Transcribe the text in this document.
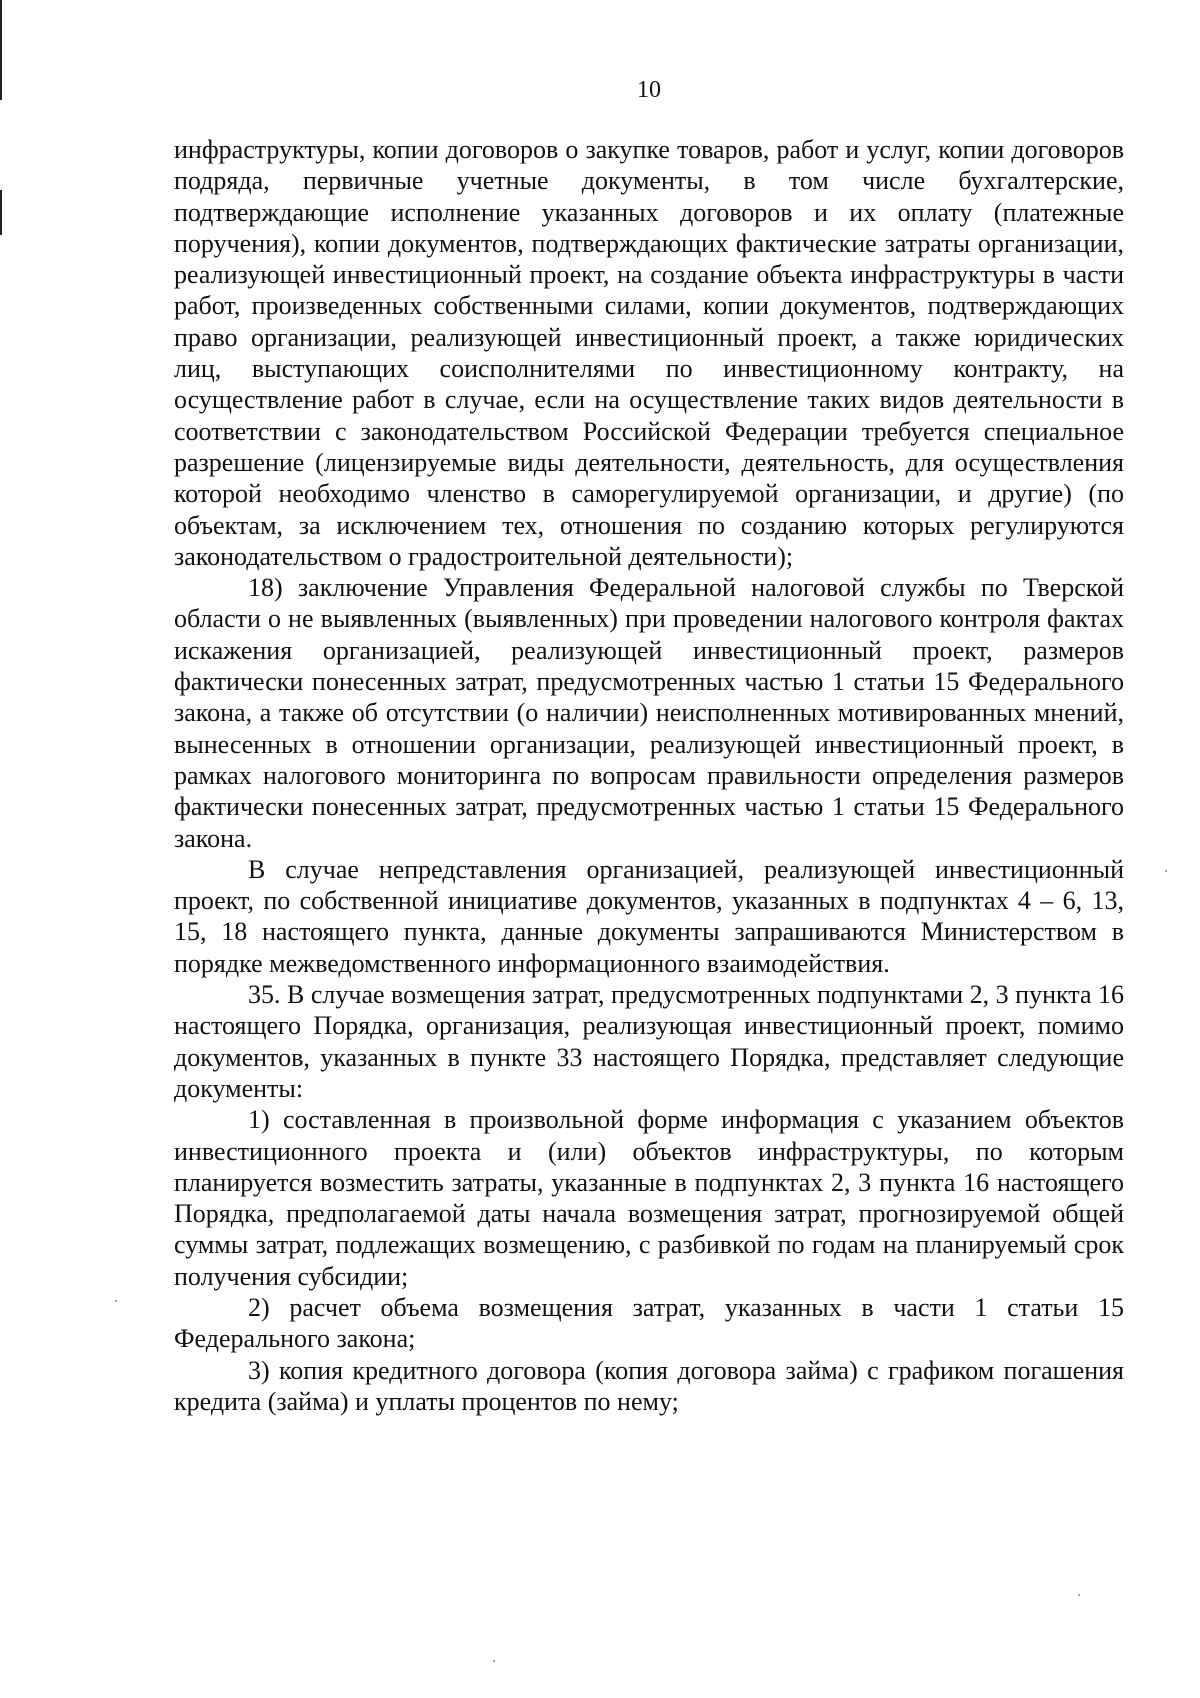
10

инфраструктуры, копии договоров о закупке товаров, работ и услуг, копии договоров подряда, первичные учетные документы, в том числе бухгалтерские, подтверждающие исполнение указанных договоров и их оплату (платежные поручения), копии документов, подтверждающих фактические затраты организации, реализующей инвестиционный проект, на создание объекта инфраструктуры в части работ, произведенных собственными силами, копии документов, подтверждающих право организации, реализующей инвестиционный проект, а также юридических лиц, выступающих соисполнителями по инвестиционному контракту, на осуществление работ в случае, если на осуществление таких видов деятельности в соответствии с законодательством Российской Федерации требуется специальное разрешение (лицензируемые виды деятельности, деятельность, для осуществления которой необходимо членство в саморегулируемой организации, и другие) (по объектам, за исключением тех, отношения по созданию которых регулируются законодательством о градостроительной деятельности);

18) заключение Управления Федеральной налоговой службы по Тверской области о не выявленных (выявленных) при проведении налогового контроля фактах искажения организацией, реализующей инвестиционный проект, размеров фактически понесенных затрат, предусмотренных частью 1 статьи 15 Федерального закона, а также об отсутствии (о наличии) неисполненных мотивированных мнений, вынесенных в отношении организации, реализующей инвестиционный проект, в рамках налогового мониторинга по вопросам правильности определения размеров фактически понесенных затрат, предусмотренных частью 1 статьи 15 Федерального закона.

В случае непредставления организацией, реализующей инвестиционный проект, по собственной инициативе документов, указанных в подпунктах 4 – 6, 13, 15, 18 настоящего пункта, данные документы запрашиваются Министерством в порядке межведомственного информационного взаимодействия.

35. В случае возмещения затрат, предусмотренных подпунктами 2, 3 пункта 16 настоящего Порядка, организация, реализующая инвестиционный проект, помимо документов, указанных в пункте 33 настоящего Порядка, представляет следующие документы:

1) составленная в произвольной форме информация с указанием объектов инвестиционного проекта и (или) объектов инфраструктуры, по которым планируется возместить затраты, указанные в подпунктах 2, 3 пункта 16 настоящего Порядка, предполагаемой даты начала возмещения затрат, прогнозируемой общей суммы затрат, подлежащих возмещению, с разбивкой по годам на планируемый срок получения субсидии;

2) расчет объема возмещения затрат, указанных в части 1 статьи 15 Федерального закона;

3) копия кредитного договора (копия договора займа) с графиком погашения кредита (займа) и уплаты процентов по нему;
